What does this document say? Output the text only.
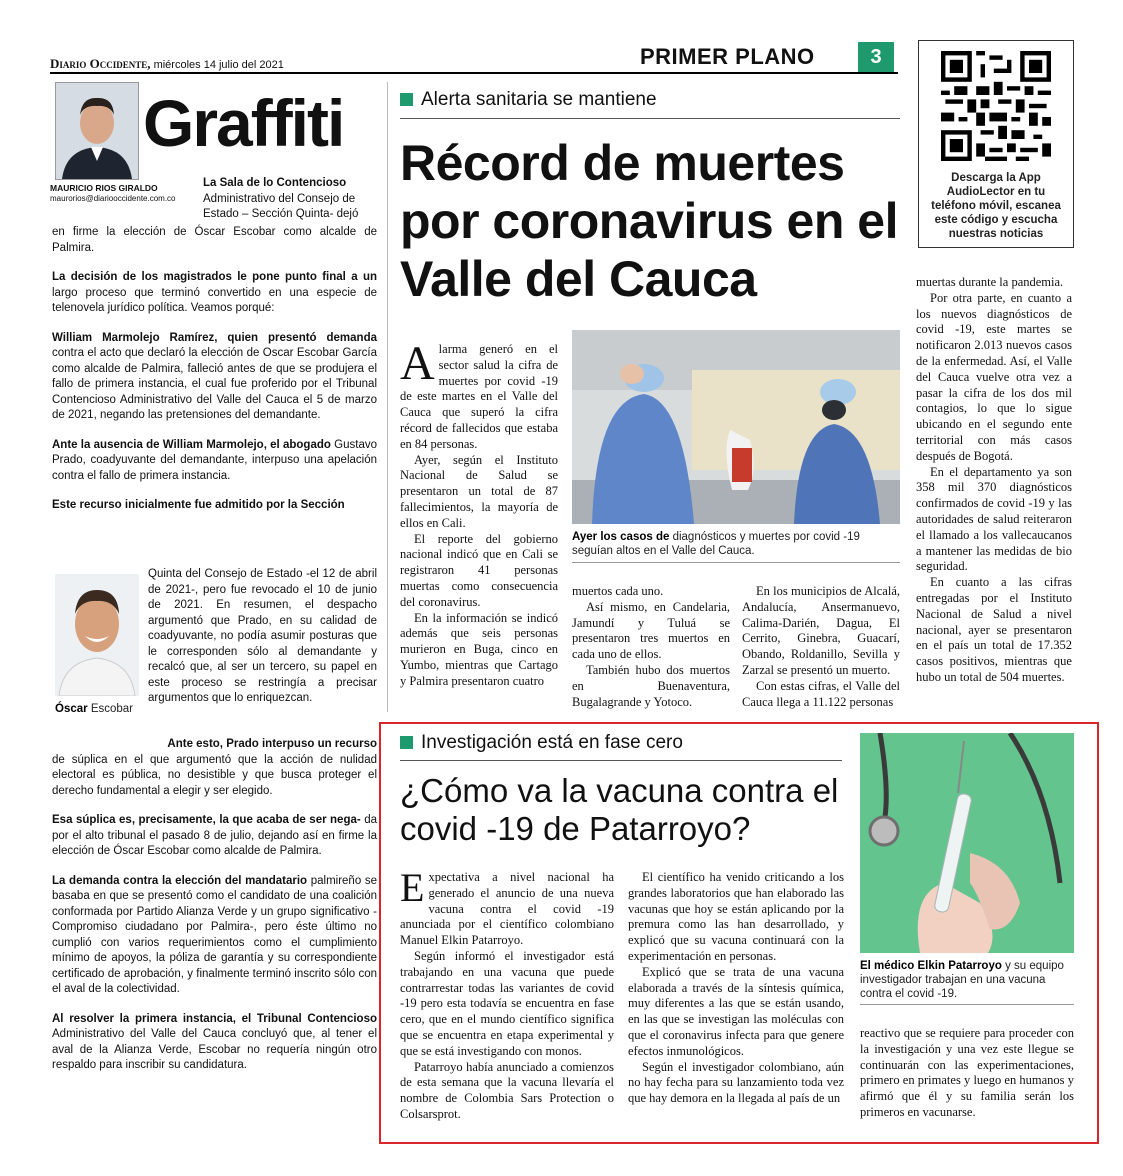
Diario Occidente, miércoles 14 julio del 2021	PRIMER PLANO	3
Descarga la App AudioLector en tu teléfono móvil, escanea este código y escucha nuestras noticias
Graffiti
MAURICIO RIOS GIRALDO
maurorios@diariooccidente.com.co
La Sala de lo Contencioso
Administrativo del Consejo de
Estado – Sección Quinta- dejó

en firme la elección de Óscar Escobar como alcalde de Palmira.

La decisión de los magistrados le pone punto final a un largo proceso que terminó convertido en una especie de telenovela jurídico política. Veamos porqué:

William Marmolejo Ramírez, quien presentó demanda contra el acto que declaró la elección de Oscar Escobar García como alcalde de Palmira, falleció antes de que se produjera el fallo de primera instancia, el cual fue proferido por el Tribunal Contencioso Administrativo del Valle del Cauca el 5 de marzo de 2021, negando las pretensiones del demandante.

Ante la ausencia de William Marmolejo, el abogado Gustavo Prado, coadyuvante del demandante, interpuso una apelación contra el fallo de primera instancia.

Este recurso inicialmente fue admitido por la Sección

Óscar Escobar
Quinta del Consejo de Estado -el 12 de abril de 2021-, pero fue revocado el 10 de junio de 2021. En resumen, el despacho argumentó que Prado, en su calidad de coadyuvante, no podía asumir posturas que le corresponden sólo al demandante y recalcó que, al ser un tercero, su papel en este proceso se restringía a precisar argumentos que lo enriquezcan.

Ante esto, Prado interpuso un recurso

de súplica en el que argumentó que la acción de nulidad electoral es pública, no desistible y que busca proteger el derecho fundamental a elegir y ser elegido.

Esa súplica es, precisamente, la que acaba de ser nega- da por el alto tribunal el pasado 8 de julio, dejando así en firme la elección de Óscar Escobar como alcalde de Palmira.

La demanda contra la elección del mandatario palmireño se basaba en que se presentó como el candidato de una coalición conformada por Partido Alianza Verde y un grupo significativo -Compromiso ciudadano por Palmira-, pero éste último no cumplió con varios requerimientos como el cumplimiento mínimo de apoyos, la póliza de garantía y su correspondiente certificado de aprobación, y finalmente terminó inscrito sólo con el aval de la colectividad.

Al resolver la primera instancia, el Tribunal Contencioso Administrativo del Valle del Cauca concluyó que, al tener el aval de la Alianza Verde, Escobar no requería ningún otro respaldo para inscribir su candidatura.

Alerta sanitaria se mantiene
Récord de muertes por coronavirus en el Valle del Cauca

Alarma generó en el sector salud la cifra de muertes por covid -19 de este martes en el Valle del Cauca que superó la cifra récord de fallecidos que estaba en 84 personas.

Ayer, según el Instituto Nacional de Salud se presentaron un total de 87 fallecimientos, la mayoría de ellos en Cali.

El reporte del gobierno nacional indicó que en Cali se registraron 41 personas muertas como consecuencia del coronavirus.

En la información se indicó además que seis personas murieron en Buga, cinco en Yumbo, mientras que Cartago y Palmira presentaron cuatro

Ayer los casos de diagnósticos y muertes por covid -19 seguían altos en el Valle del Cauca.

muertos cada uno.

Así mismo, en Candelaria, Jamundí y Tuluá se presentaron tres muertos en cada uno de ellos.

También hubo dos muertos en Buenaventura, Bugalagrande y Yotoco.

En los municipios de Alcalá, Andalucía, Ansermanuevo, Calima-Darién, Dagua, El Cerrito, Ginebra, Guacarí, Obando, Roldanillo, Sevilla y Zarzal se presentó un muerto.

Con estas cifras, el Valle del Cauca llega a 11.122 personas

muertas durante la pandemia.

Por otra parte, en cuanto a los nuevos diagnósticos de covid -19, este martes se notificaron 2.013 nuevos casos de la enfermedad. Así, el Valle del Cauca vuelve otra vez a pasar la cifra de los dos mil contagios, lo que lo sigue ubicando en el segundo ente territorial con más casos después de Bogotá.

En el departamento ya son 358 mil 370 diagnósticos confirmados de covid -19 y las autoridades de salud reiteraron el llamado a los vallecaucanos a mantener las medidas de bio seguridad.

En cuanto a las cifras entregadas por el Instituto Nacional de Salud a nivel nacional, ayer se presentaron en el país un total de 17.352 casos positivos, mientras que hubo un total de 504 muertes.

Investigación está en fase cero
¿Cómo va la vacuna contra el covid -19 de Patarroyo?

Expectativa a nivel nacional ha generado el anuncio de una nueva vacuna contra el covid -19 anunciada por el científico colombiano Manuel Elkin Patarroyo.

Según informó el investigador está trabajando en una vacuna que puede contrarrestar todas las variantes de covid -19 pero esta todavía se encuentra en fase cero, que en el mundo científico significa que se encuentra en etapa experimental y que se está investigando con monos.

Patarroyo había anunciado a comienzos de esta semana que la vacuna llevaría el nombre de Colombia Sars Protection o Colsarsprot.

El científico ha venido criticando a los grandes laboratorios que han elaborado las vacunas que hoy se están aplicando por la premura como las han desarrollado, y explicó que su vacuna continuará con la experimentación en personas.

Explicó que se trata de una vacuna elaborada a través de la síntesis química, muy diferentes a las que se están usando, en las que se investigan las moléculas con que el coronavirus infecta para que genere efectos inmunológicos.

Según el investigador colombiano, aún no hay fecha para su lanzamiento toda vez que hay demora en la llegada al país de un

El médico Elkin Patarroyo y su equipo investigador trabajan en una vacuna contra el covid -19.

reactivo que se requiere para proceder con la investigación y una vez este llegue se continuarán con las experimentaciones, primero en primates y luego en humanos y afirmó que él y su familia serán los primeros en vacunarse.
